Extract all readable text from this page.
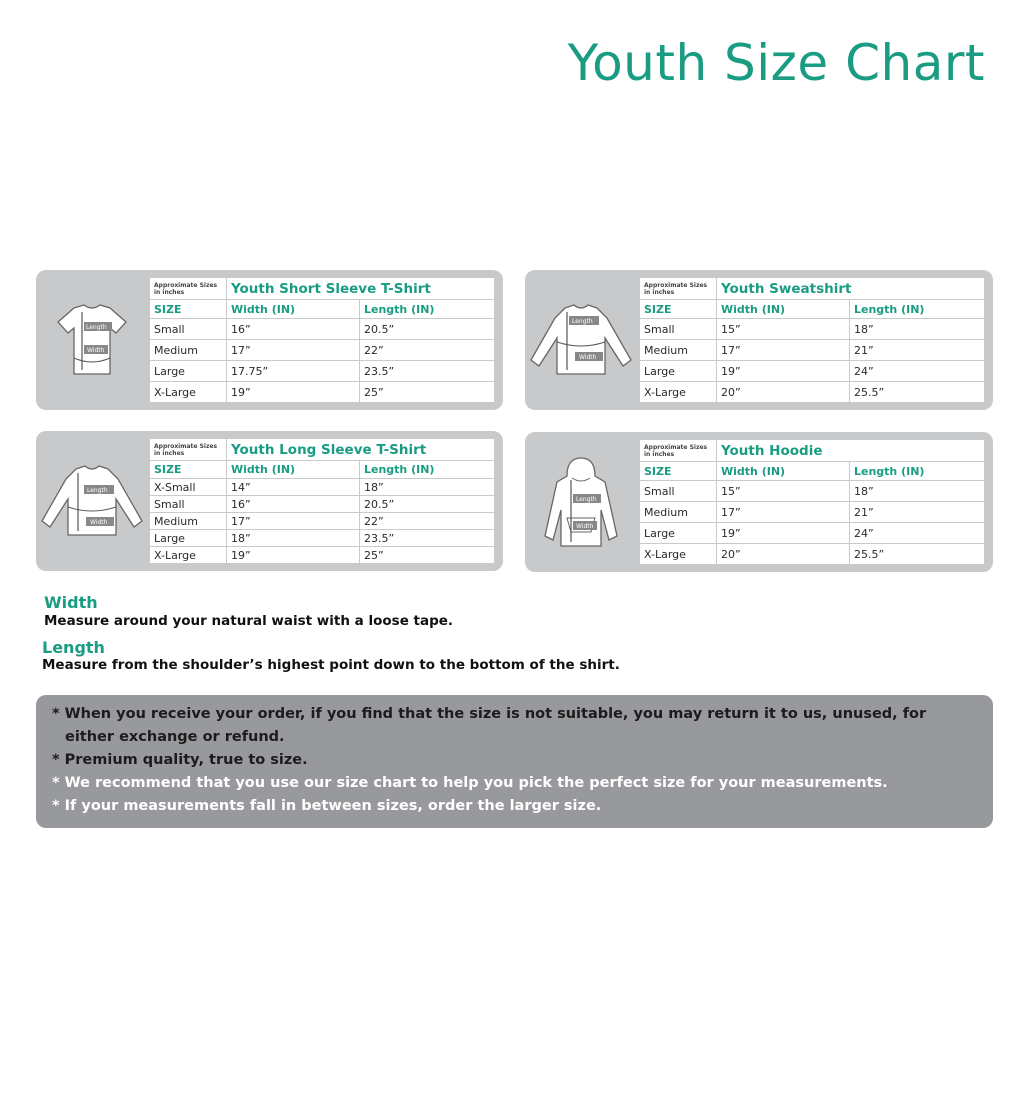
Youth Size Chart
Length
Width
Length
Width
Length
Width
Length
Width
Approximate Sizes
in inches	Youth Short Sleeve T-Shirt	
SIZE	Width (IN)	Length (IN)
Small	16”	20.5”
Medium	17”	22”
Large	17.75”	23.5”
X-Large	19”	25”
Approximate Sizes
in inches	Youth Sweatshirt	
SIZE	Width (IN)	Length (IN)
Small	15”	18”
Medium	17”	21”
Large	19”	24”
X-Large	20”	25.5”
Approximate Sizes
in inches	Youth Long Sleeve T-Shirt	
SIZE	Width (IN)	Length (IN)
X-Small	14”	18”
Small	16”	20.5”
Medium	17”	22”
Large	18”	23.5”
X-Large	19”	25”
Approximate Sizes
in inches	Youth Hoodie	
SIZE	Width (IN)	Length (IN)
Small	15”	18”
Medium	17”	21”
Large	19”	24”
X-Large	20”	25.5”
Width
Measure around your natural waist with a loose tape.
Length
Measure from the shoulder’s highest point down to the bottom of the shirt.
* When you receive your order, if you find that the size is not suitable, you may return it to us, unused, for either exchange or refund.
* Premium quality, true to size.
* We recommend that you use our size chart to help you pick the perfect size for your measurements.
* If your measurements fall in between sizes, order the larger size.
